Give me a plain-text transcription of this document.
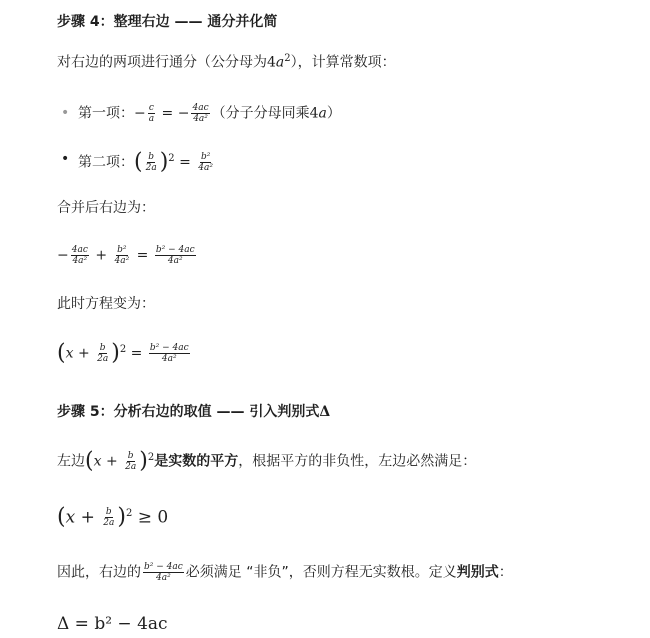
步骤 4：整理右边 —— 通分并化简
对右边的两项进行通分（公分母为$4a^2$），计算常数项：
• 第一项：− $\frac{c}{a}$ = − $\frac{4ac}{\text{4a²}}$ （分子分母同乘4a）
• 第二项：( $\frac{b}{2a} )^2 = \frac{\text{b²}}{\text{4a²}}$
合并后右边为：
− $\frac{4ac}{\text{4a²}} + \frac{\text{b²}}{\text{4a²}} = \frac{\text{b² − 4ac}}{\text{4a²}}$
此时方程变为：
$(x + \frac{b}{2a} )^2 = \frac{\text{b² − 4ac}}{\text{4a²}}$
步骤 5：分析右边的取值 —— 引入判别式Δ
左边$(x + \frac{b}{2a} )^2$是实数的平方，根据平方的非负性，左边必然满足：
$(x + \frac{b}{2a} )^2 \ge 0$
因此，右边的 $\frac{\text{b² − 4ac}}{\text{4a²}}$ 必须满足 “非负”，否则方程无实数根。定义判别式：
Δ = b² − 4ac
